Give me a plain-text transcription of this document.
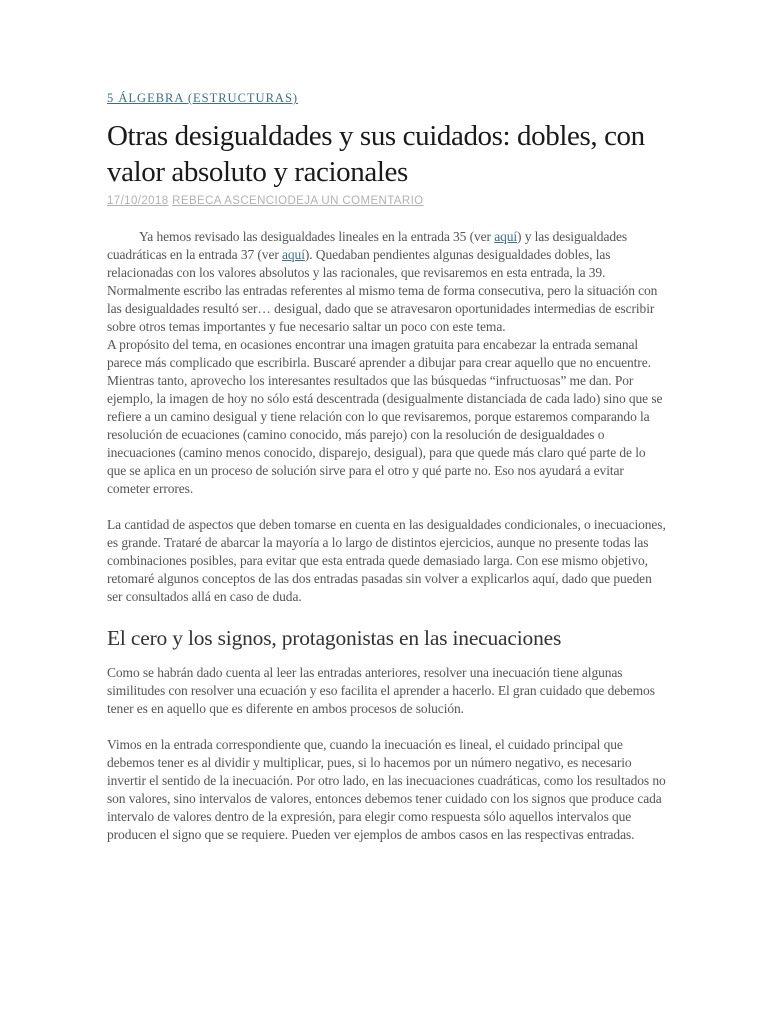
5 ÁLGEBRA (ESTRUCTURAS)
Otras desigualdades y sus cuidados: dobles, con valor absoluto y racionales
17/10/2018 REBECA ASCENCIODEJA UN COMENTARIO

Ya hemos revisado las desigualdades lineales en la entrada 35 (ver aquí) y las desigualdades cuadráticas en la entrada 37 (ver aquí). Quedaban pendientes algunas desigualdades dobles, las relacionadas con los valores absolutos y las racionales, que revisaremos en esta entrada, la 39. Normalmente escribo las entradas referentes al mismo tema de forma consecutiva, pero la situación con las desigualdades resultó ser… desigual, dado que se atravesaron oportunidades intermedias de escribir sobre otros temas importantes y fue necesario saltar un poco con este tema.

A propósito del tema, en ocasiones encontrar una imagen gratuita para encabezar la entrada semanal parece más complicado que escribirla. Buscaré aprender a dibujar para crear aquello que no encuentre. Mientras tanto, aprovecho los interesantes resultados que las búsquedas “infructuosas” me dan. Por ejemplo, la imagen de hoy no sólo está descentrada (desigualmente distanciada de cada lado) sino que se refiere a un camino desigual y tiene relación con lo que revisaremos, porque estaremos comparando la resolución de ecuaciones (camino conocido, más parejo) con la resolución de desigualdades o inecuaciones (camino menos conocido, disparejo, desigual), para que quede más claro qué parte de lo que se aplica en un proceso de solución sirve para el otro y qué parte no. Eso nos ayudará a evitar cometer errores.

La cantidad de aspectos que deben tomarse en cuenta en las desigualdades condicionales, o inecuaciones, es grande. Trataré de abarcar la mayoría a lo largo de distintos ejercicios, aunque no presente todas las combinaciones posibles, para evitar que esta entrada quede demasiado larga. Con ese mismo objetivo, retomaré algunos conceptos de las dos entradas pasadas sin volver a explicarlos aquí, dado que pueden ser consultados allá en caso de duda.

El cero y los signos, protagonistas en las inecuaciones

Como se habrán dado cuenta al leer las entradas anteriores, resolver una inecuación tiene algunas similitudes con resolver una ecuación y eso facilita el aprender a hacerlo. El gran cuidado que debemos tener es en aquello que es diferente en ambos procesos de solución.

Vimos en la entrada correspondiente que, cuando la inecuación es lineal, el cuidado principal que debemos tener es al dividir y multiplicar, pues, si lo hacemos por un número negativo, es necesario invertir el sentido de la inecuación. Por otro lado, en las inecuaciones cuadráticas, como los resultados no son valores, sino intervalos de valores, entonces debemos tener cuidado con los signos que produce cada intervalo de valores dentro de la expresión, para elegir como respuesta sólo aquellos intervalos que producen el signo que se requiere. Pueden ver ejemplos de ambos casos en las respectivas entradas.
